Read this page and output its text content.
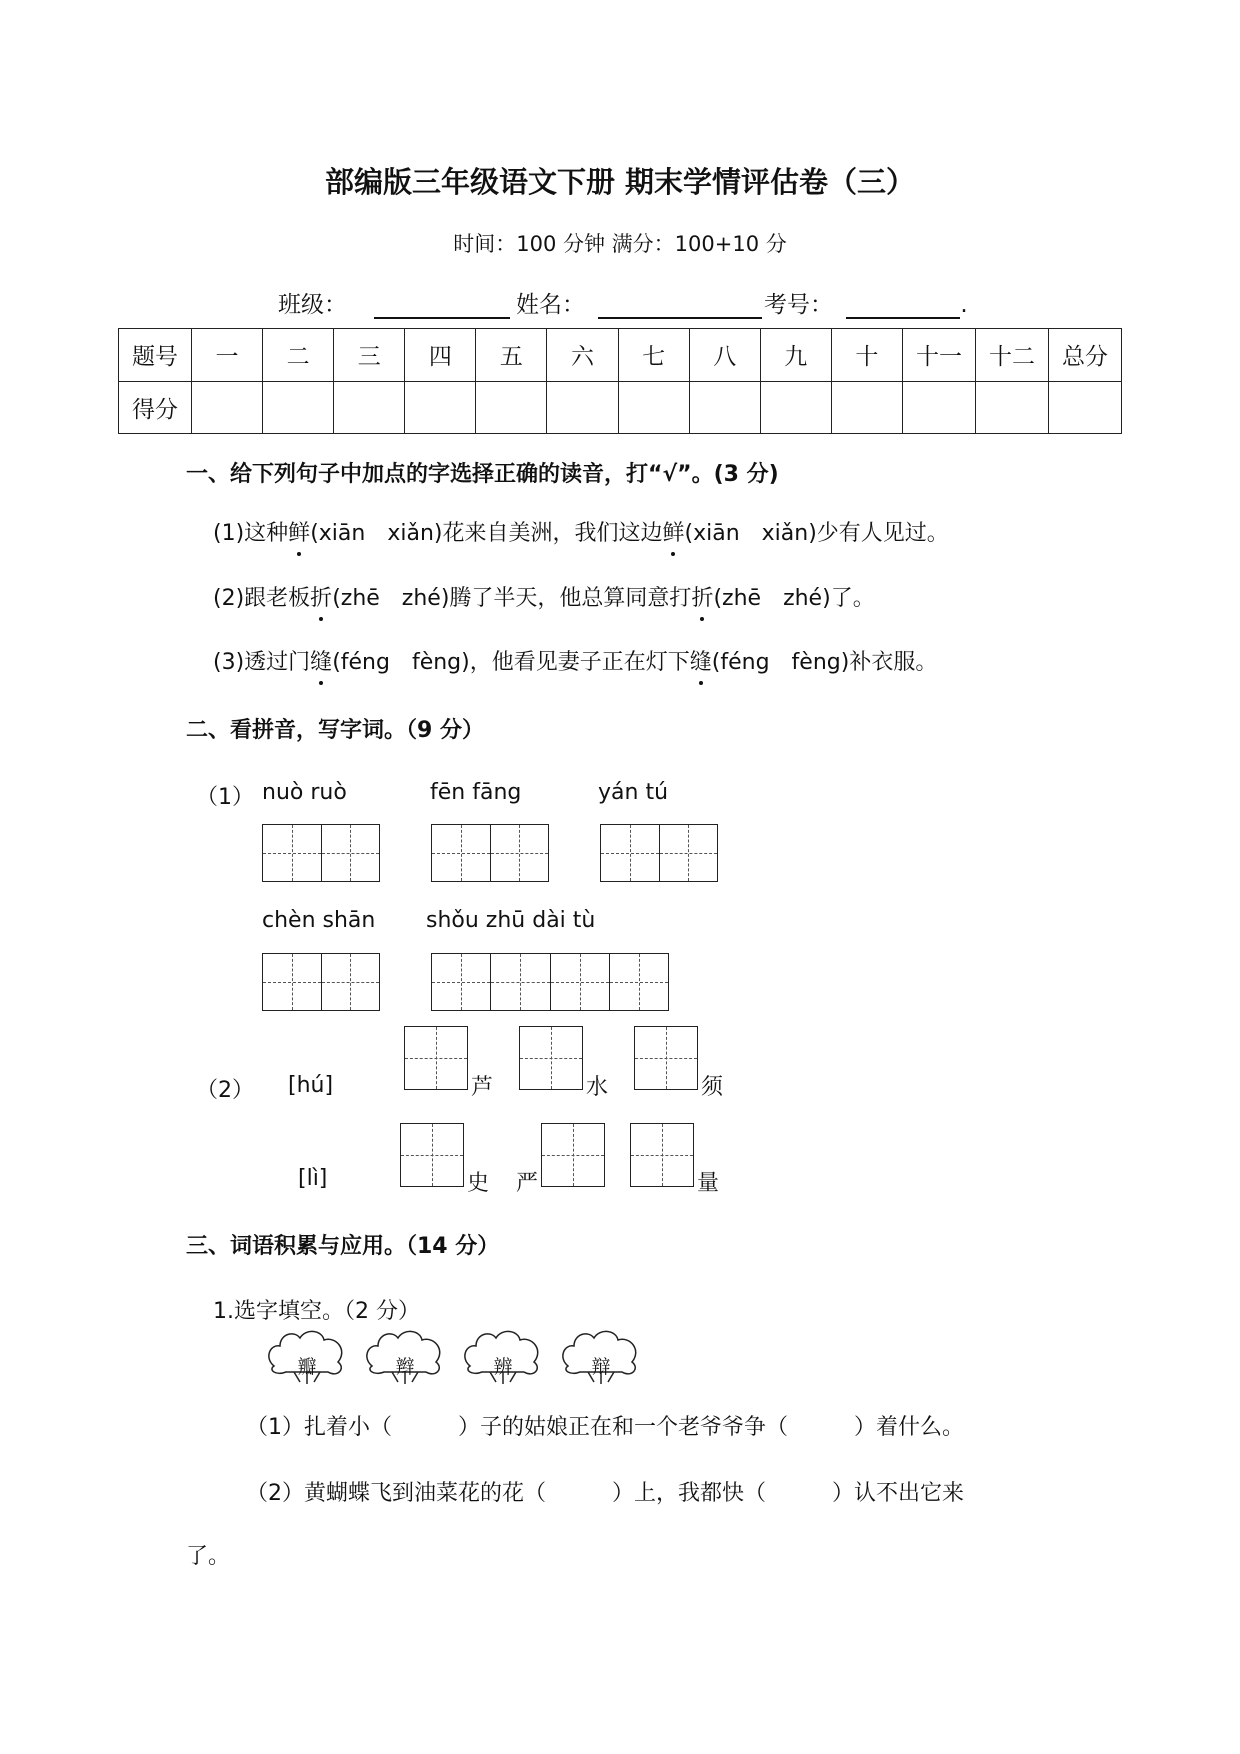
部编版三年级语文下册 期末学情评估卷（三）
时间：100 分钟 满分：100+10 分
班级：	姓名：	考号：	.
题号	一	二	三	四	五	六	七	八	九	十	十一	十二	总分
得分													
一、给下列句子中加点的字选择正确的读音，打“√”。(3 分)
(1)这种鲜(xiān　xiǎn)花来自美洲，我们这边鲜(xiān　xiǎn)少有人见过。
(2)跟老板折(zhē　zhé)腾了半天，他总算同意打折(zhē　zhé)了。
(3)透过门缝(féng　fèng)，他看见妻子正在灯下缝(féng　fèng)补衣服。
二、看拼音，写字词。（9 分）
（1） nuò ruò	fēn fāng	yán tú
chèn shān shǒu zhū dài tù
（2） [hú]	芦	水	须
[lì]	史 严	量
三、词语积累与应用。（14 分）
1.选字填空。（2 分）
瓣	辫	辨	辩
（1）扎着小（　　　）子的姑娘正在和一个老爷爷争（　　　）着什么。
（2）黄蝴蝶飞到油菜花的花（　　　）上，我都快（　　　）认不出它来
了。
